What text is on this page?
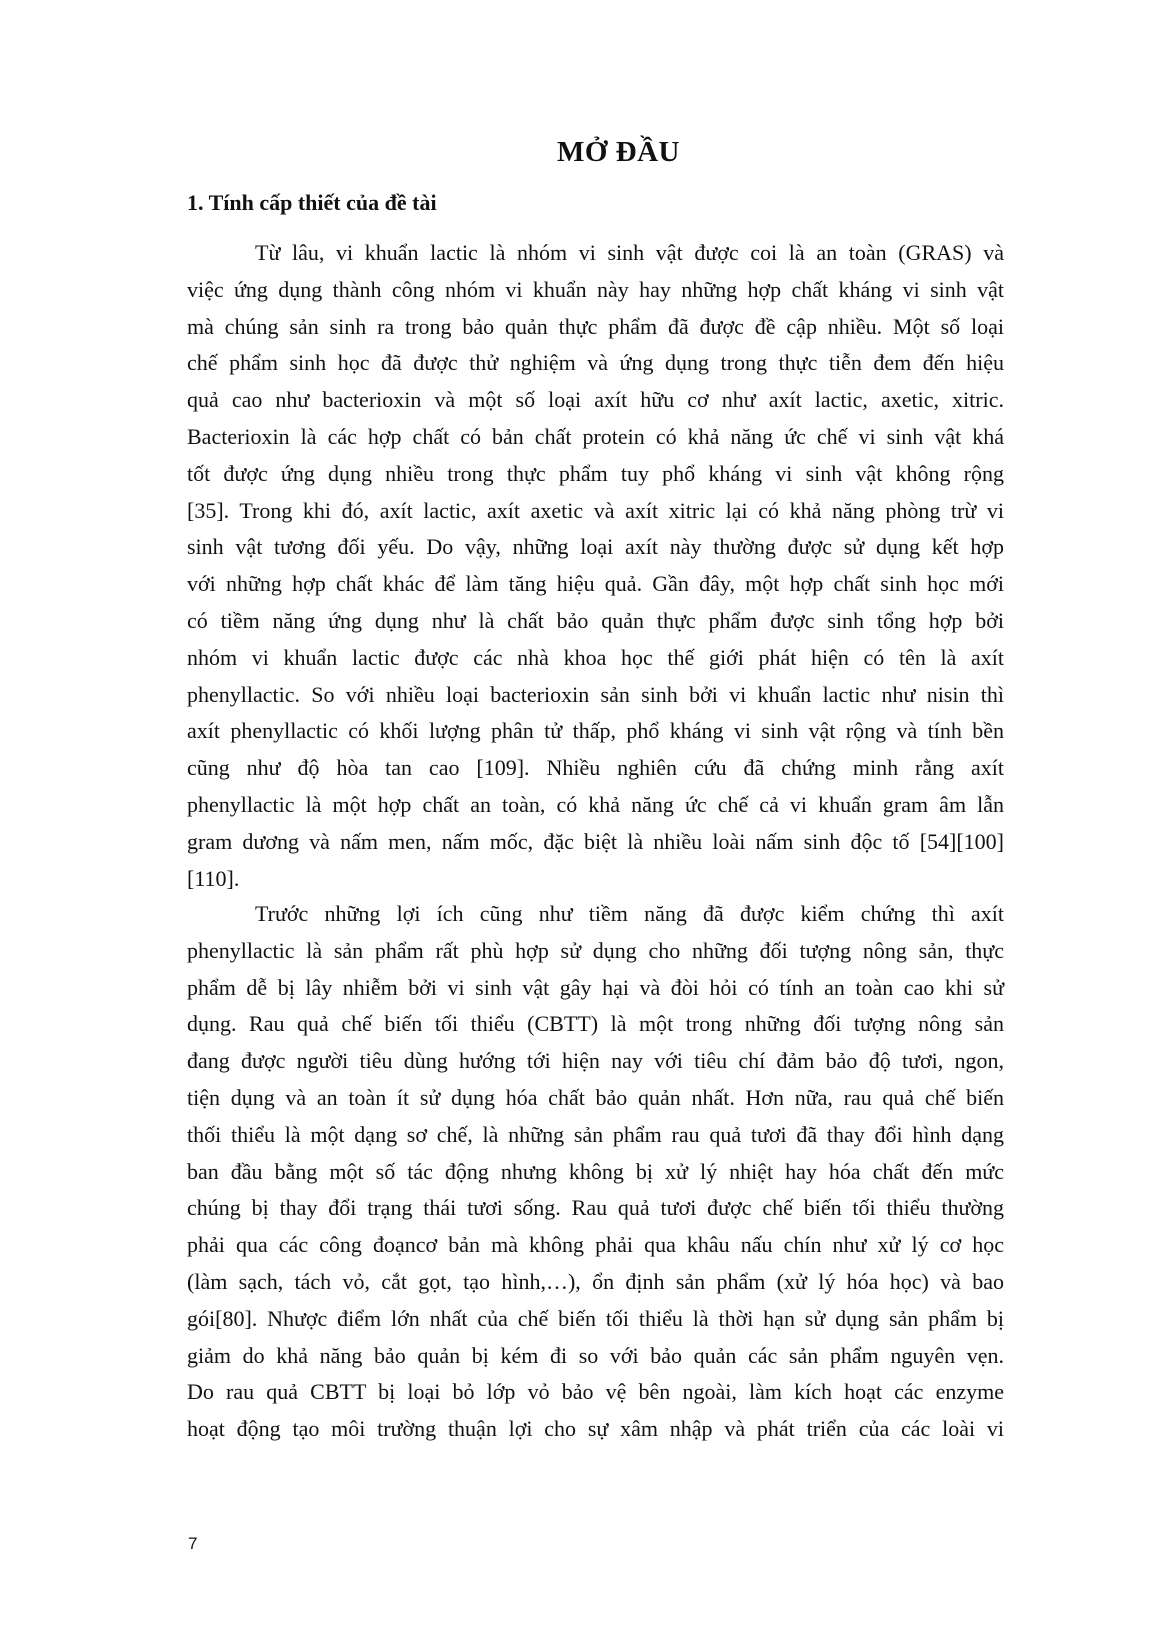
MỞ ĐẦU
1. Tính cấp thiết của đề tài
Từ lâu, vi khuẩn lactic là nhóm vi sinh vật được coi là an toàn (GRAS) và
việc ứng dụng thành công nhóm vi khuẩn này hay những hợp chất kháng vi sinh vật
mà chúng sản sinh ra trong bảo quản thực phẩm đã được đề cập nhiều. Một số loại
chế phẩm sinh học đã được thử nghiệm và ứng dụng trong thực tiễn đem đến hiệu
quả cao như bacterioxin và một số loại axít hữu cơ như axít lactic, axetic, xitric.
Bacterioxin là các hợp chất có bản chất protein có khả năng ức chế vi sinh vật khá
tốt được ứng dụng nhiều trong thực phẩm tuy phổ kháng vi sinh vật không rộng
[35]. Trong khi đó, axít lactic, axít axetic và axít xitric lại có khả năng phòng trừ vi
sinh vật tương đối yếu. Do vậy, những loại axít này thường được sử dụng kết hợp
với những hợp chất khác để làm tăng hiệu quả. Gần đây, một hợp chất sinh học mới
có tiềm năng ứng dụng như là chất bảo quản thực phẩm được sinh tổng hợp bởi
nhóm vi khuẩn lactic được các nhà khoa học thế giới phát hiện có tên là axít
phenyllactic. So với nhiều loại bacterioxin sản sinh bởi vi khuẩn lactic như nisin thì
axít phenyllactic có khối lượng phân tử thấp, phổ kháng vi sinh vật rộng và tính bền
cũng như độ hòa tan cao [109]. Nhiều nghiên cứu đã chứng minh rằng axít
phenyllactic là một hợp chất an toàn, có khả năng ức chế cả vi khuẩn gram âm lẫn
gram dương và nấm men, nấm mốc, đặc biệt là nhiều loài nấm sinh độc tố [54][100]
[110].
Trước những lợi ích cũng như tiềm năng đã được kiểm chứng thì axít
phenyllactic là sản phẩm rất phù hợp sử dụng cho những đối tượng nông sản, thực
phẩm dễ bị lây nhiễm bởi vi sinh vật gây hại và đòi hỏi có tính an toàn cao khi sử
dụng. Rau quả chế biến tối thiểu (CBTT) là một trong những đối tượng nông sản
đang được người tiêu dùng hướng tới hiện nay với tiêu chí đảm bảo độ tươi, ngon,
tiện dụng và an toàn ít sử dụng hóa chất bảo quản nhất. Hơn nữa, rau quả chế biến
thối thiểu là một dạng sơ chế, là những sản phẩm rau quả tươi đã thay đổi hình dạng
ban đầu bằng một số tác động nhưng không bị xử lý nhiệt hay hóa chất đến mức
chúng bị thay đổi trạng thái tươi sống. Rau quả tươi được chế biến tối thiểu thường
phải qua các công đoạncơ bản mà không phải qua khâu nấu chín như xử lý cơ học
(làm sạch, tách vỏ, cắt gọt, tạo hình,…), ổn định sản phẩm (xử lý hóa học) và bao
gói[80]. Nhược điểm lớn nhất của chế biến tối thiểu là thời hạn sử dụng sản phẩm bị
giảm do khả năng bảo quản bị kém đi so với bảo quản các sản phẩm nguyên vẹn.
Do rau quả CBTT bị loại bỏ lớp vỏ bảo vệ bên ngoài, làm kích hoạt các enzyme
hoạt động tạo môi trường thuận lợi cho sự xâm nhập và phát triển của các loài vi
7
